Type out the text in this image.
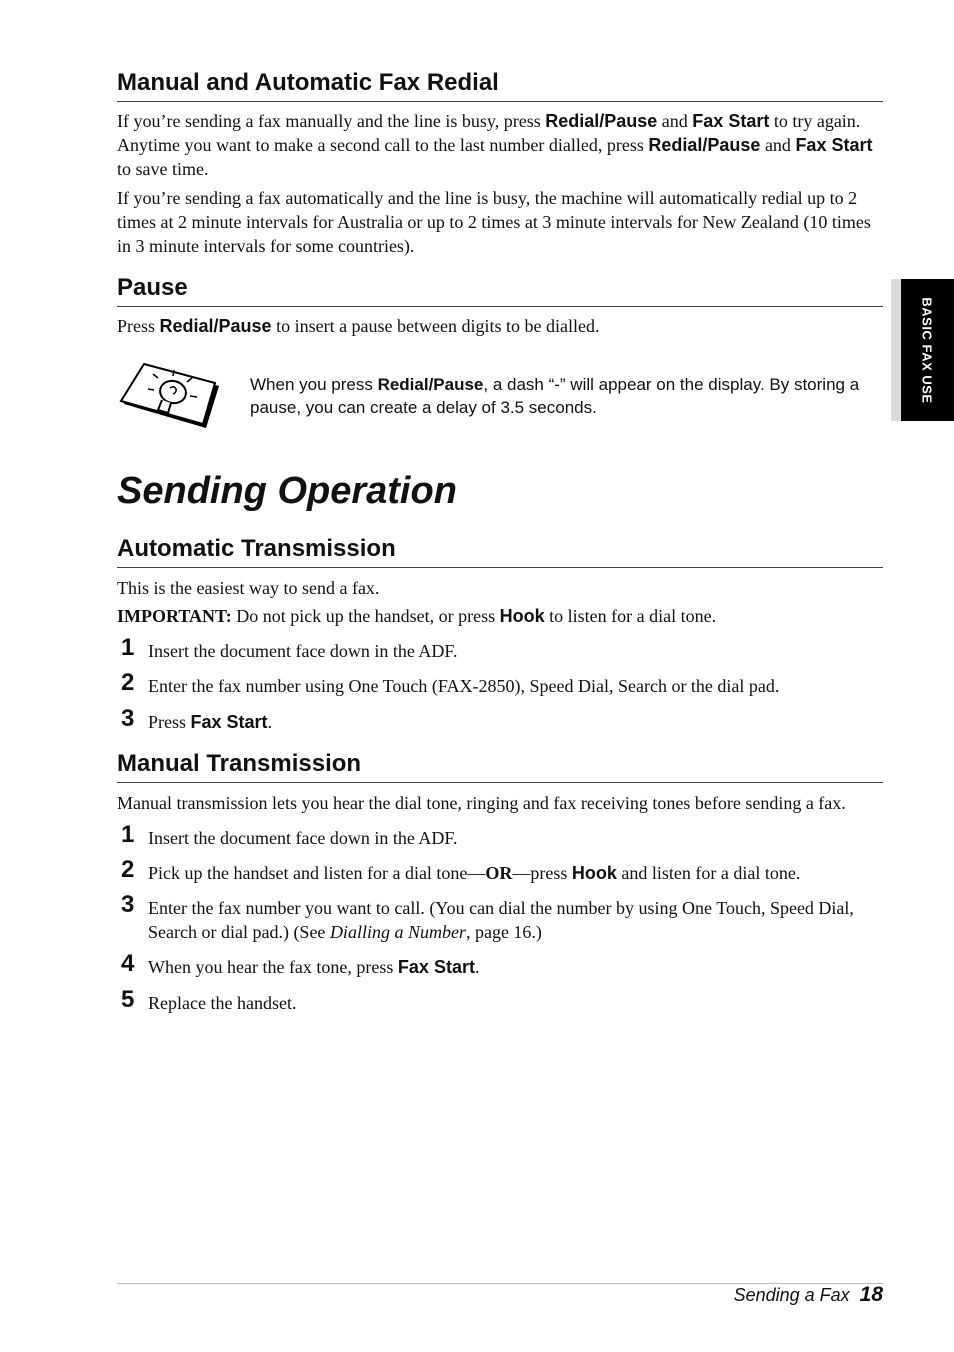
BASIC FAX USE
Manual and Automatic Fax Redial

If you’re sending a fax manually and the line is busy, press Redial/Pause and Fax Start to try again. Anytime you want to make a second call to the last number dialled, press Redial/Pause and Fax Start to save time.

If you’re sending a fax automatically and the line is busy, the machine will automatically redial up to 2 times at 2 minute intervals for Australia or up to 2 times at 3 minute intervals for New Zealand (10 times in 3 minute intervals for some countries).

Pause

Press Redial/Pause to insert a pause between digits to be dialled.

When you press Redial/Pause, a dash “-” will appear on the display. By storing a pause, you can create a delay of 3.5 seconds.
Sending Operation
Automatic Transmission

This is the easiest way to send a fax.

IMPORTANT: Do not pick up the handset, or press Hook to listen for a dial tone.

1 Insert the document face down in the ADF.
2 Enter the fax number using One Touch (FAX-2850), Speed Dial, Search or the dial pad.
3 Press Fax Start.
Manual Transmission

Manual transmission lets you hear the dial tone, ringing and fax receiving tones before sending a fax.

1 Insert the document face down in the ADF.
2 Pick up the handset and listen for a dial tone—OR—press Hook and listen for a dial tone.
3 Enter the fax number you want to call. (You can dial the number by using One Touch, Speed Dial, Search or dial pad.) (See Dialling a Number, page 16.)
4 When you hear the fax tone, press Fax Start.
5 Replace the handset.
Sending a Fax 18
